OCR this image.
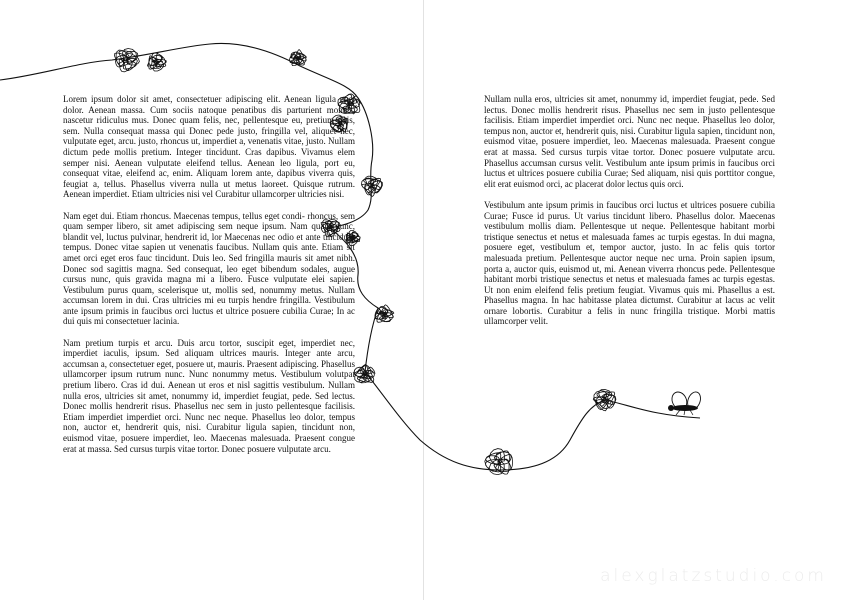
Lorem ipsum dolor sit amet, consectetuer adipiscing elit. Aenean ligula eget dolor. Aenean massa. Cum sociis natoque penatibus dis parturient montes, nascetur ridiculus mus. Donec quam felis, nec, pellentesque eu, pretium quis, sem. Nulla consequat massa qui Donec pede justo, fringilla vel, aliquet nec, vulputate eget, arcu. justo, rhoncus ut, imperdiet a, venenatis vitae, justo. Nullam dictum pede mollis pretium. Integer tincidunt. Cras dapibus. Vivamus elem semper nisi. Aenean vulputate eleifend tellus. Aenean leo ligula, port eu, consequat vitae, eleifend ac, enim. Aliquam lorem ante, dapibus viverra quis, feugiat a, tellus. Phasellus viverra nulla ut metus laoreet. Quisque rutrum. Aenean imperdiet. Etiam ultricies nisi vel Curabitur ullamcorper ultricies nisi.

Nam eget dui. Etiam rhoncus. Maecenas tempus, tellus eget condi- rhoncus, sem quam semper libero, sit amet adipiscing sem neque ipsum. Nam quam nunc, blandit vel, luctus pulvinar, hendrerit id, lor Maecenas nec odio et ante tincidunt tempus. Donec vitae sapien ut venenatis faucibus. Nullam quis ante. Etiam sit amet orci eget eros fauc tincidunt. Duis leo. Sed fringilla mauris sit amet nibh. Donec sod sagittis magna. Sed consequat, leo eget bibendum sodales, augue cursus nunc, quis gravida magna mi a libero. Fusce vulputate elei sapien. Vestibulum purus quam, scelerisque ut, mollis sed, nonummy metus. Nullam accumsan lorem in dui. Cras ultricies mi eu turpis hendre fringilla. Vestibulum ante ipsum primis in faucibus orci luctus et ultrice posuere cubilia Curae; In ac dui quis mi consectetuer lacinia.

Nam pretium turpis et arcu. Duis arcu tortor, suscipit eget, imperdiet nec, imperdiet iaculis, ipsum. Sed aliquam ultrices mauris. Integer ante arcu, accumsan a, consectetuer eget, posuere ut, mauris. Praesent adipiscing. Phasellus ullamcorper ipsum rutrum nunc. Nunc nonummy metus. Vestibulum volutpat pretium libero. Cras id dui. Aenean ut eros et nisl sagittis vestibulum. Nullam nulla eros, ultricies sit amet, nonummy id, imperdiet feugiat, pede. Sed lectus. Donec mollis hendrerit risus. Phasellus nec sem in justo pellentesque facilisis. Etiam imperdiet imperdiet orci. Nunc nec neque. Phasellus leo dolor, tempus non, auctor et, hendrerit quis, nisi. Curabitur ligula sapien, tincidunt non, euismod vitae, posuere imperdiet, leo. Maecenas malesuada. Praesent congue erat at massa. Sed cursus turpis vitae tortor. Donec posuere vulputate arcu.

Nullam nulla eros, ultricies sit amet, nonummy id, imperdiet feugiat, pede. Sed lectus. Donec mollis hendrerit risus. Phasellus nec sem in justo pellentesque facilisis. Etiam imperdiet imperdiet orci. Nunc nec neque. Phasellus leo dolor, tempus non, auctor et, hendrerit quis, nisi. Curabitur ligula sapien, tincidunt non, euismod vitae, posuere imperdiet, leo. Maecenas malesuada. Praesent congue erat at massa. Sed cursus turpis vitae tortor. Donec posuere vulputate arcu. Phasellus accumsan cursus velit. Vestibulum ante ipsum primis in faucibus orci luctus et ultrices posuere cubilia Curae; Sed aliquam, nisi quis porttitor congue, elit erat euismod orci, ac placerat dolor lectus quis orci.

Vestibulum ante ipsum primis in faucibus orci luctus et ultrices posuere cubilia Curae; Fusce id purus. Ut varius tincidunt libero. Phasellus dolor. Maecenas vestibulum mollis diam. Pellentesque ut neque. Pellentesque habitant morbi tristique senectus et netus et malesuada fames ac turpis egestas. In dui magna, posuere eget, vestibulum et, tempor auctor, justo. In ac felis quis tortor malesuada pretium. Pellentesque auctor neque nec urna. Proin sapien ipsum, porta a, auctor quis, euismod ut, mi. Aenean viverra rhoncus pede. Pellentesque habitant morbi tristique senectus et netus et malesuada fames ac turpis egestas. Ut non enim eleifend felis pretium feugiat. Vivamus quis mi. Phasellus a est. Phasellus magna. In hac habitasse platea dictumst. Curabitur at lacus ac velit ornare lobortis. Curabitur a felis in nunc fringilla tristique. Morbi mattis ullamcorper velit.

alexglatzstudio.com
